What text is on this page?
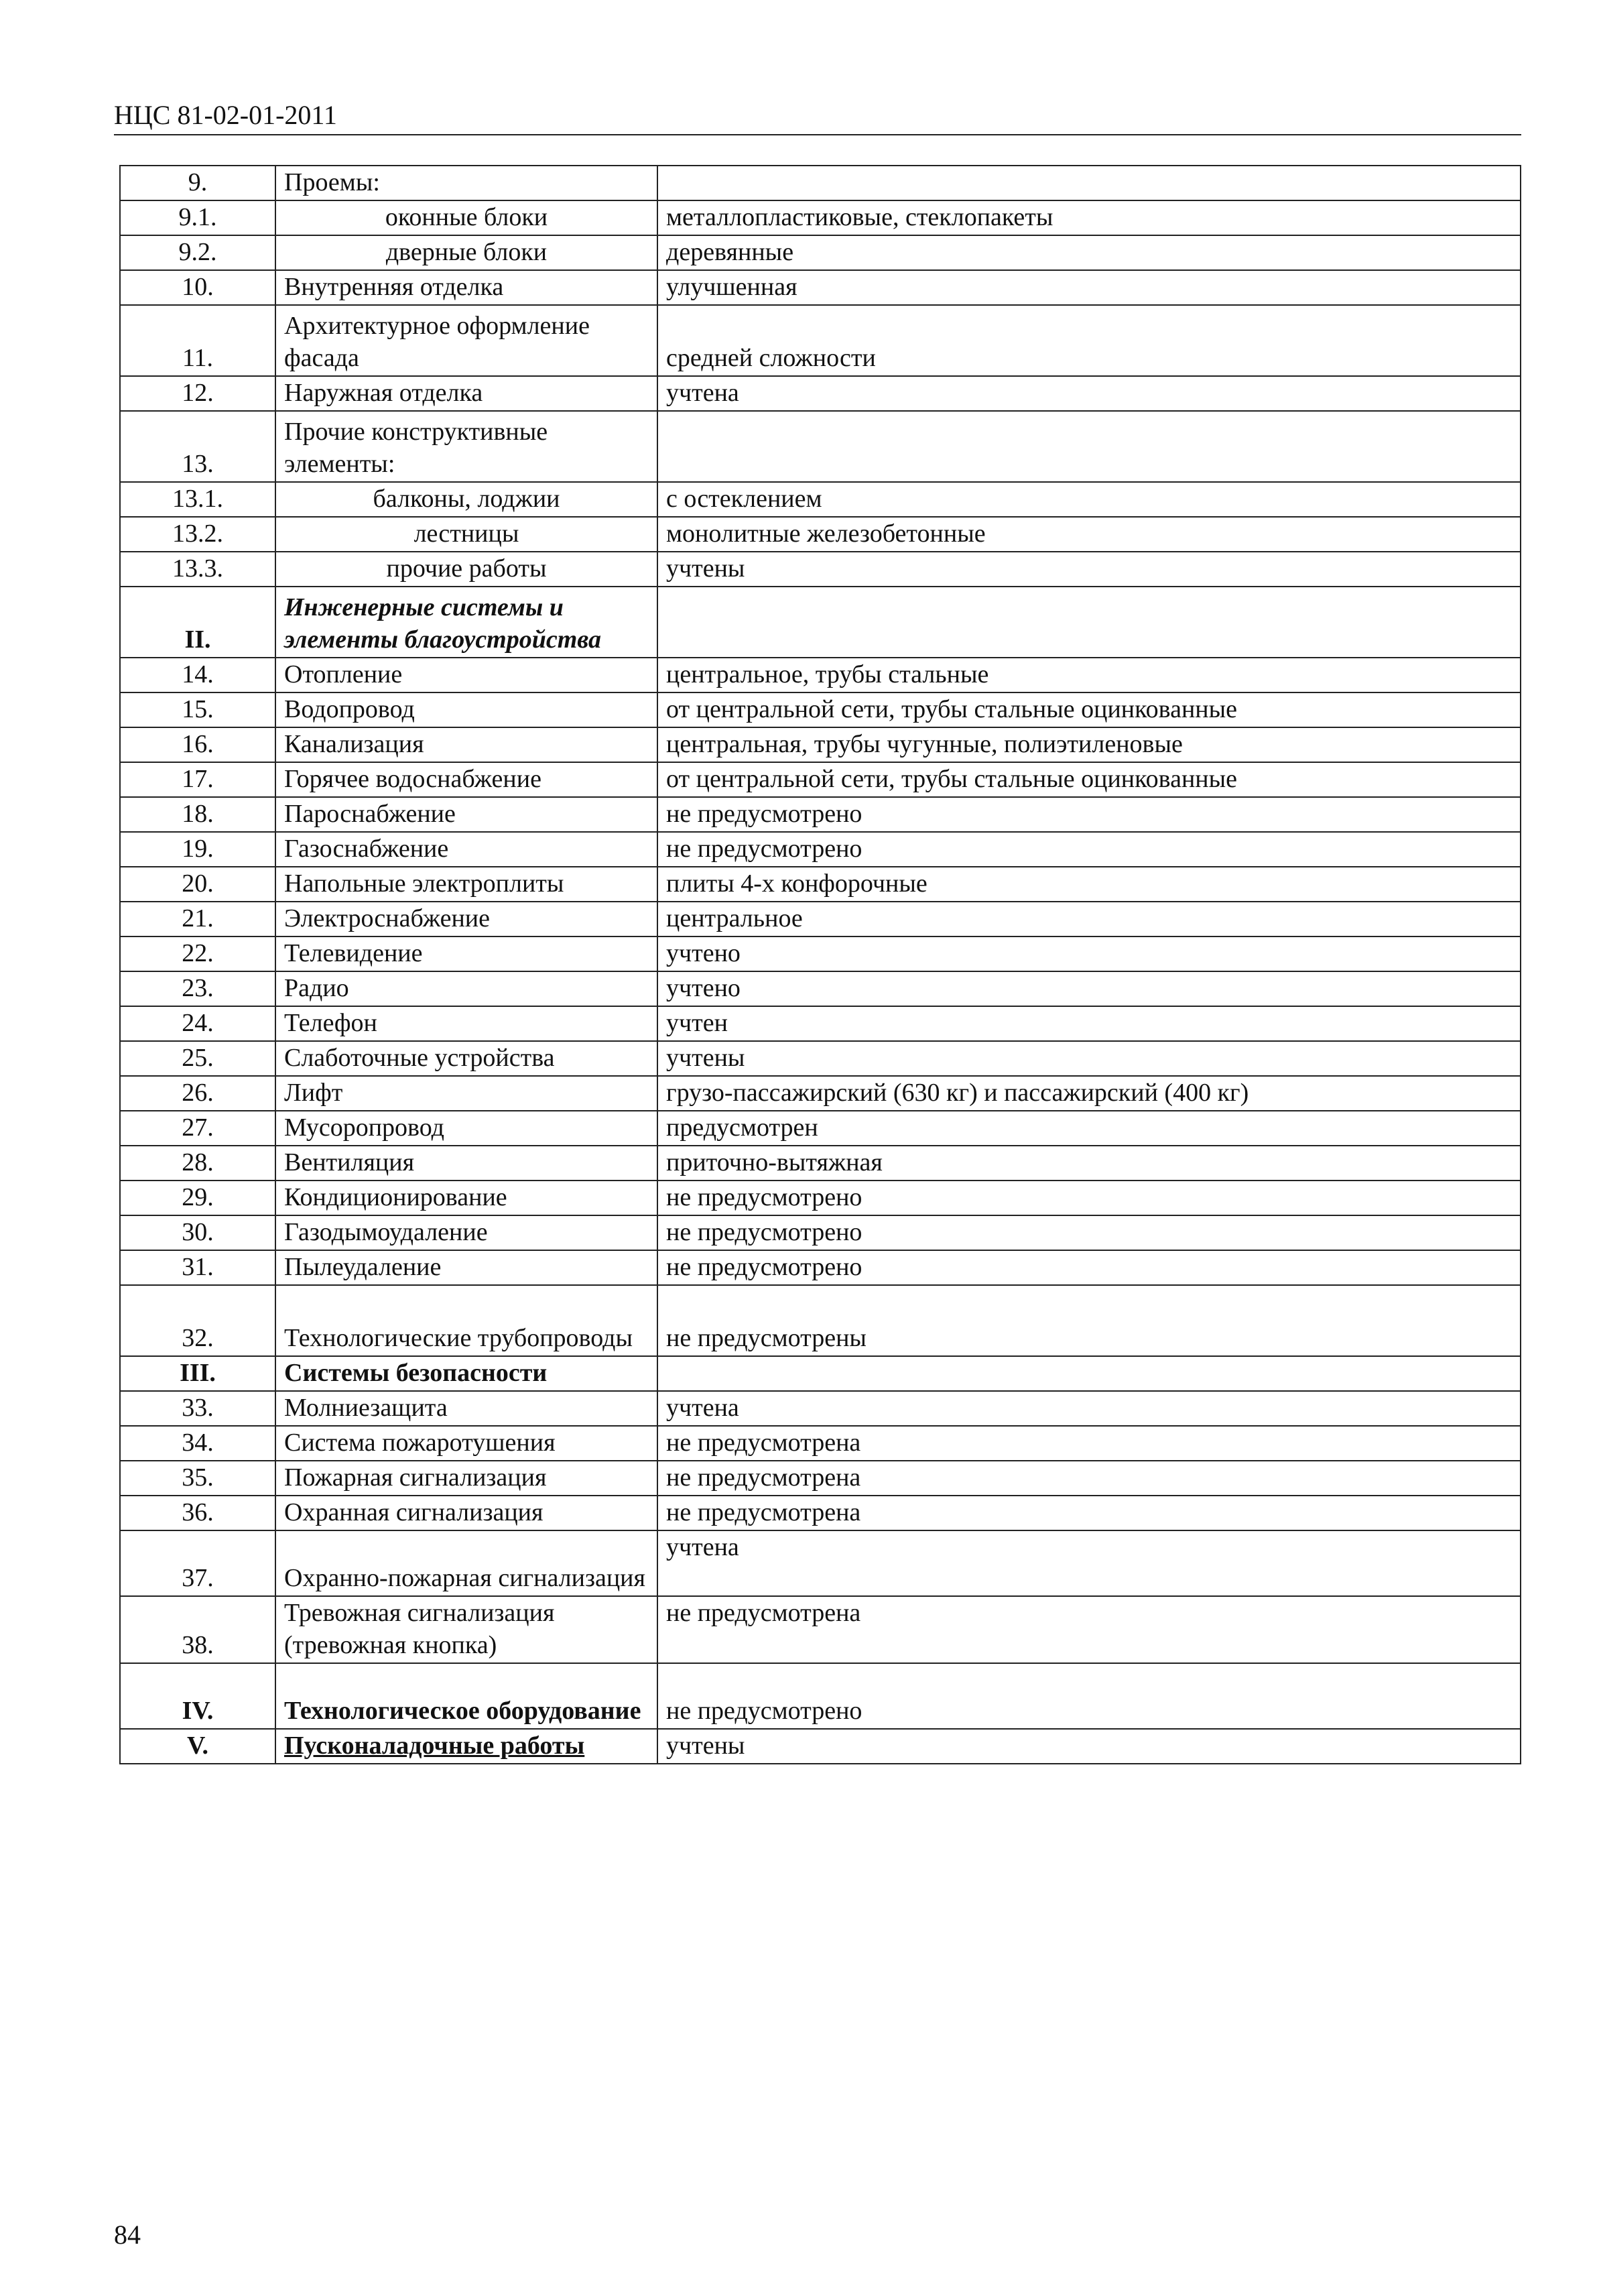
НЦС 81-02-01-2011
9.	Проемы:	
9.1.	оконные блоки	металлопластиковые, стеклопакеты
9.2.	дверные блоки	деревянные
10.	Внутренняя отделка	улучшенная
11.	Архитектурное оформление фасада	средней сложности
12.	Наружная отделка	учтена
13.	Прочие конструктивные элементы:	
13.1.	балконы, лоджии	с остеклением
13.2.	лестницы	монолитные железобетонные
13.3.	прочие работы	учтены
II.	Инженерные системы и элементы благоустройства	
14.	Отопление	центральное, трубы стальные
15.	Водопровод	от центральной сети, трубы стальные оцинкованные
16.	Канализация	центральная, трубы чугунные, полиэтиленовые
17.	Горячее водоснабжение	от центральной сети, трубы стальные оцинкованные
18.	Пароснабжение	не предусмотрено
19.	Газоснабжение	не предусмотрено
20.	Напольные электроплиты	плиты 4-х конфорочные
21.	Электроснабжение	центральное
22.	Телевидение	учтено
23.	Радио	учтено
24.	Телефон	учтен
25.	Слаботочные устройства	учтены
26.	Лифт	грузо-пассажирский (630 кг) и пассажирский (400 кг)
27.	Мусоропровод	предусмотрен
28.	Вентиляция	приточно-вытяжная
29.	Кондиционирование	не предусмотрено
30.	Газодымоудаление	не предусмотрено
31.	Пылеудаление	не предусмотрено
32.	Технологические трубопроводы	не предусмотрены
III.	Системы безопасности	
33.	Молниезащита	учтена
34.	Система пожаротушения	не предусмотрена
35.	Пожарная сигнализация	не предусмотрена
36.	Охранная сигнализация	не предусмотрена
37.	Охранно-пожарная сигнализация	учтена
38.	Тревожная сигнализация (тревожная кнопка)	не предусмотрена
IV.	Технологическое оборудование	не предусмотрено
V.	Пусконаладочные работы	учтены
84
